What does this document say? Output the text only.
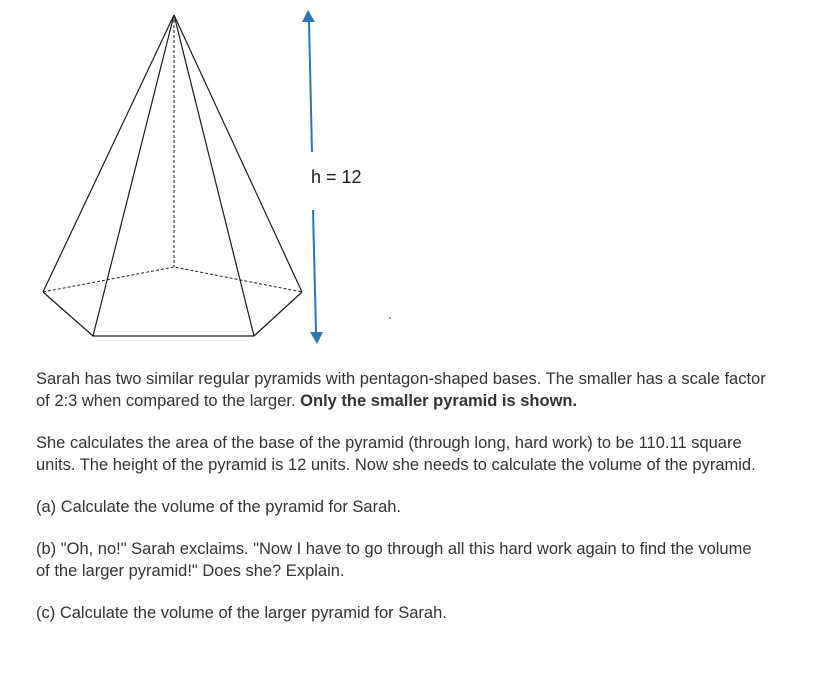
h = 12

Sarah has two similar regular pyramids with pentagon-shaped bases. The smaller has a scale factor of 2:3 when compared to the larger. Only the smaller pyramid is shown.

She calculates the area of the base of the pyramid (through long, hard work) to be 110.11 square units. The height of the pyramid is 12 units. Now she needs to calculate the volume of the pyramid.

(a) Calculate the volume of the pyramid for Sarah.

(b) "Oh, no!" Sarah exclaims. "Now I have to go through all this hard work again to find the volume of the larger pyramid!" Does she? Explain.

(c) Calculate the volume of the larger pyramid for Sarah.
